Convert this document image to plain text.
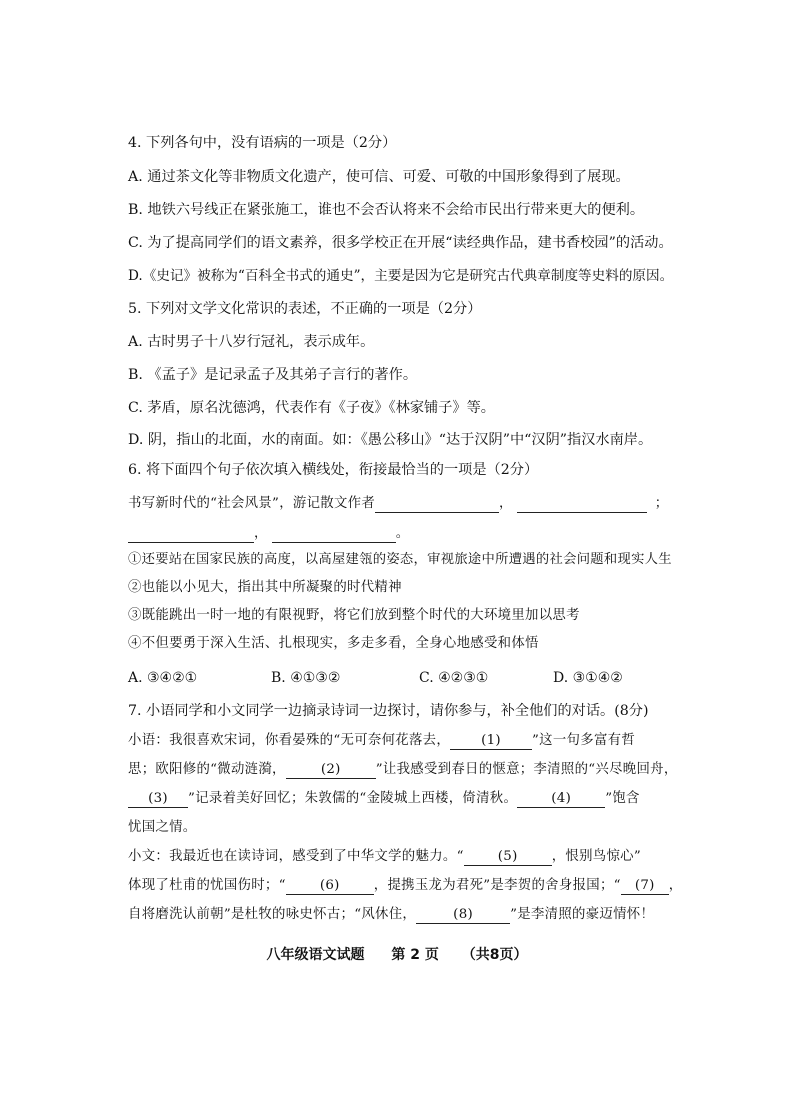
4. 下列各句中，没有语病的一项是（2分）
A. 通过茶文化等非物质文化遗产，使可信、可爱、可敬的中国形象得到了展现。
B. 地铁六号线正在紧张施工，谁也不会否认将来不会给市民出行带来更大的便利。
C. 为了提高同学们的语文素养，很多学校正在开展“读经典作品，建书香校园”的活动。
D.《史记》被称为“百科全书式的通史”，主要是因为它是研究古代典章制度等史料的原因。
5. 下列对文学文化常识的表述，不正确的一项是（2分）
A. 古时男子十八岁行冠礼，表示成年。
B. 《孟子》是记录孟子及其弟子言行的著作。
C. 茅盾，原名沈德鸿，代表作有《子夜》《林家铺子》等。
D. 阴，指山的北面，水的南面。如：《愚公移山》“达于汉阴”中“汉阴”指汉水南岸。
6. 将下面四个句子依次填入横线处，衔接最恰当的一项是（2分）
书写新时代的“社会风景”，游记散文作者	，	；
，	。
①还要站在国家民族的高度，以高屋建瓴的姿态，审视旅途中所遭遇的社会问题和现实人生
②也能以小见大，指出其中所凝聚的时代精神
③既能跳出一时一地的有限视野，将它们放到整个时代的大环境里加以思考
④不但要勇于深入生活、扎根现实，多走多看，全身心地感受和体悟
A. ③④②①	B. ④①③②	C. ④②③①	D. ③①④②
7. 小语同学和小文同学一边摘录诗词一边探讨，请你参与，补全他们的对话。(8分)
小语：我很喜欢宋词，你看晏殊的“无可奈何花落去， (1) ”这一句多富有哲
思；欧阳修的“微动涟漪，	(2)	”让我感受到春日的惬意；李清照的“兴尽晚回舟，
(3) ”记录着美好回忆；朱敦儒的“金陵城上西楼，倚清秋。	(4)	”饱含
忧国之情。
小文：我最近也在读诗词，感受到了中华文学的魅力。“	(5)	，恨别鸟惊心”
体现了杜甫的忧国伤时；“	(6)	，提携玉龙为君死”是李贺的舍身报国；“ (7) ，
自将磨洗认前朝”是杜牧的咏史怀古；“风休住，	(8)	”是李清照的豪迈情怀！
八年级语文试题 第 2 页 （共8页）
